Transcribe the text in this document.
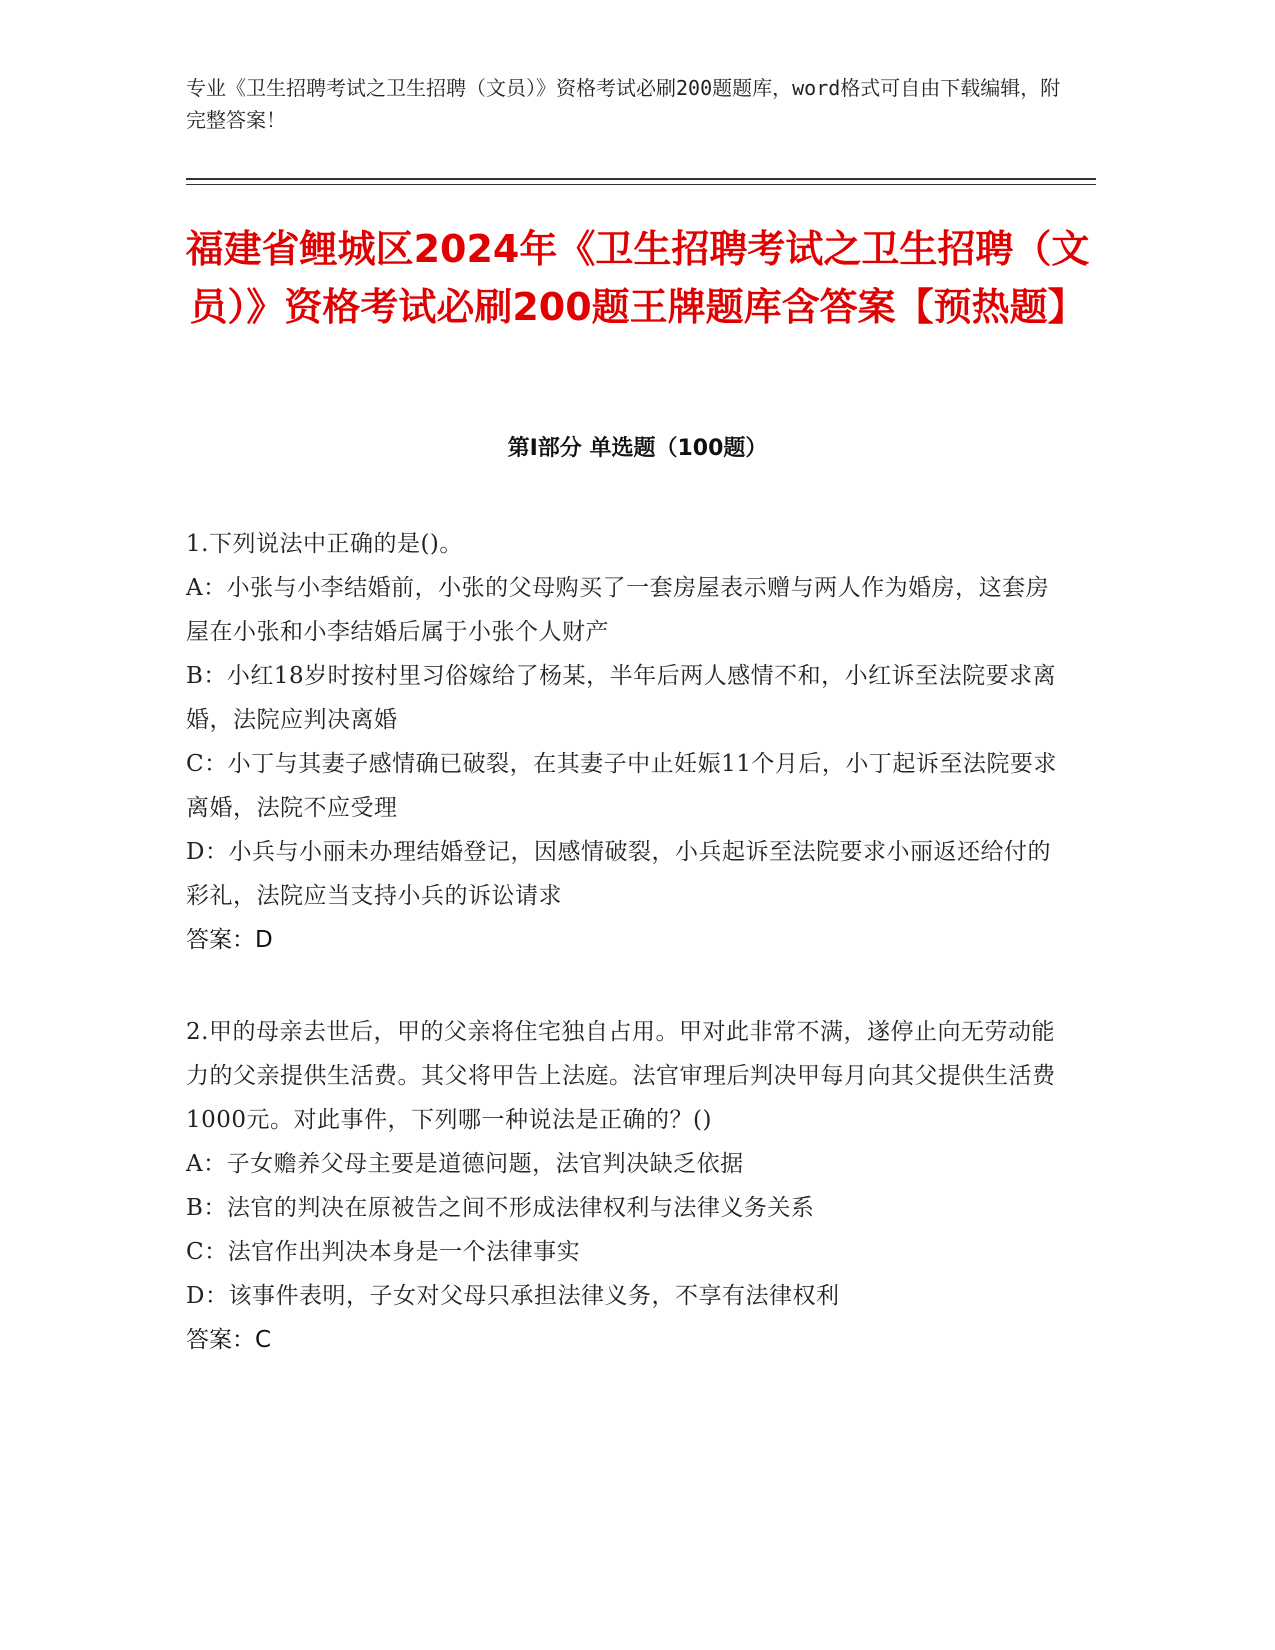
专业《卫生招聘考试之卫生招聘（文员）》资格考试必刷200题题库，word格式可自由下载编辑，附完整答案！
福建省鲤城区2024年《卫生招聘考试之卫生招聘（文员）》资格考试必刷200题王牌题库含答案【预热题】
第Ⅰ部分 单选题（100题）
1.下列说法中正确的是()。
A：小张与小李结婚前，小张的父母购买了一套房屋表示赠与两人作为婚房，这套房屋在小张和小李结婚后属于小张个人财产
B：小红18岁时按村里习俗嫁给了杨某，半年后两人感情不和，小红诉至法院要求离婚，法院应判决离婚
C：小丁与其妻子感情确已破裂，在其妻子中止妊娠11个月后，小丁起诉至法院要求离婚，法院不应受理
D：小兵与小丽未办理结婚登记，因感情破裂，小兵起诉至法院要求小丽返还给付的彩礼，法院应当支持小兵的诉讼请求
答案：D
2.甲的母亲去世后，甲的父亲将住宅独自占用。甲对此非常不满，遂停止向无劳动能力的父亲提供生活费。其父将甲告上法庭。法官审理后判决甲每月向其父提供生活费1000元。对此事件，下列哪一种说法是正确的？()
A：子女赡养父母主要是道德问题，法官判决缺乏依据
B：法官的判决在原被告之间不形成法律权利与法律义务关系
C：法官作出判决本身是一个法律事实
D：该事件表明，子女对父母只承担法律义务，不享有法律权利
答案：C
